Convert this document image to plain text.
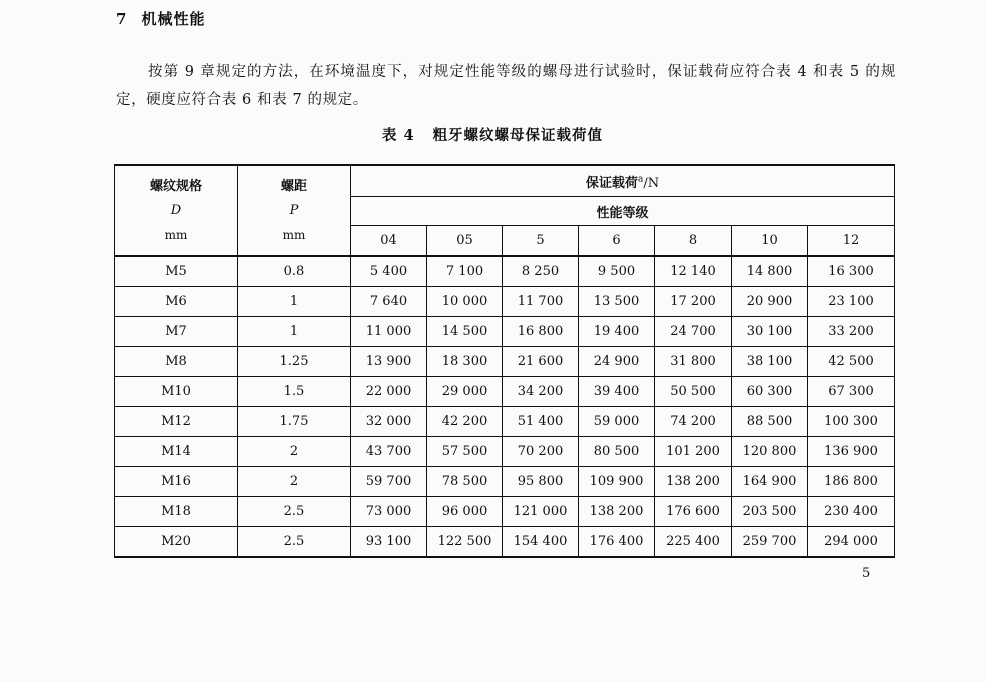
7 机械性能
按第 9 章规定的方法，在环境温度下，对规定性能等级的螺母进行试验时，保证载荷应符合表 4 和表 5 的规定，硬度应符合表 6 和表 7 的规定。
表 4 粗牙螺纹螺母保证载荷值
螺纹规格
D
mm	螺距
P
mm	保证载荷$^a$/N						
		性能等级						
		04	05	5	6	8	10	12
M5	0.8	5 400	7 100	8 250	9 500	12 140	14 800	16 300
M6	1	7 640	10 000	11 700	13 500	17 200	20 900	23 100
M7	1	11 000	14 500	16 800	19 400	24 700	30 100	33 200
M8	1.25	13 900	18 300	21 600	24 900	31 800	38 100	42 500
M10	1.5	22 000	29 000	34 200	39 400	50 500	60 300	67 300
M12	1.75	32 000	42 200	51 400	59 000	74 200	88 500	100 300
M14	2	43 700	57 500	70 200	80 500	101 200	120 800	136 900
M16	2	59 700	78 500	95 800	109 900	138 200	164 900	186 800
M18	2.5	73 000	96 000	121 000	138 200	176 600	203 500	230 400
M20	2.5	93 100	122 500	154 400	176 400	225 400	259 700	294 000
5
